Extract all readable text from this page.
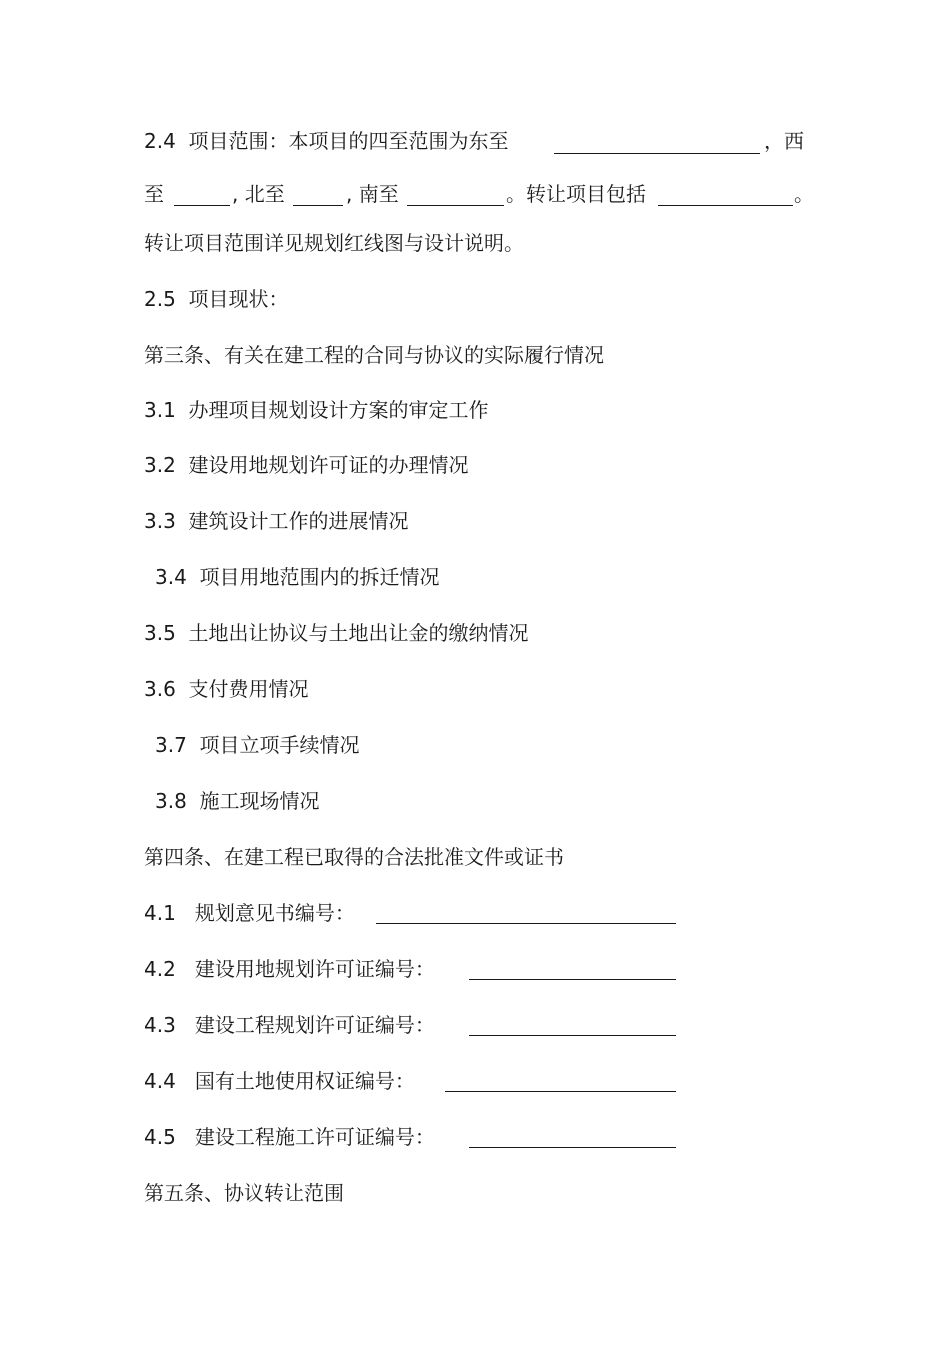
2.4 项目范围：本项目的四至范围为东至	，西
至	, 北至	, 南至	。转让项目包括	。
转让项目范围详见规划红线图与设计说明。
2.5 项目现状：
第三条、有关在建工程的合同与协议的实际履行情况
3.1 办理项目规划设计方案的审定工作
3.2 建设用地规划许可证的办理情况
3.3 建筑设计工作的进展情况
3.4 项目用地范围内的拆迁情况
3.5 土地出让协议与土地出让金的缴纳情况
3.6 支付费用情况
3.7 项目立项手续情况
3.8 施工现场情况
第四条、在建工程已取得的合法批准文件或证书
4.1 规划意见书编号：
4.2 建设用地规划许可证编号：
4.3 建设工程规划许可证编号：
4.4 国有土地使用权证编号：
4.5 建设工程施工许可证编号：
第五条、协议转让范围
